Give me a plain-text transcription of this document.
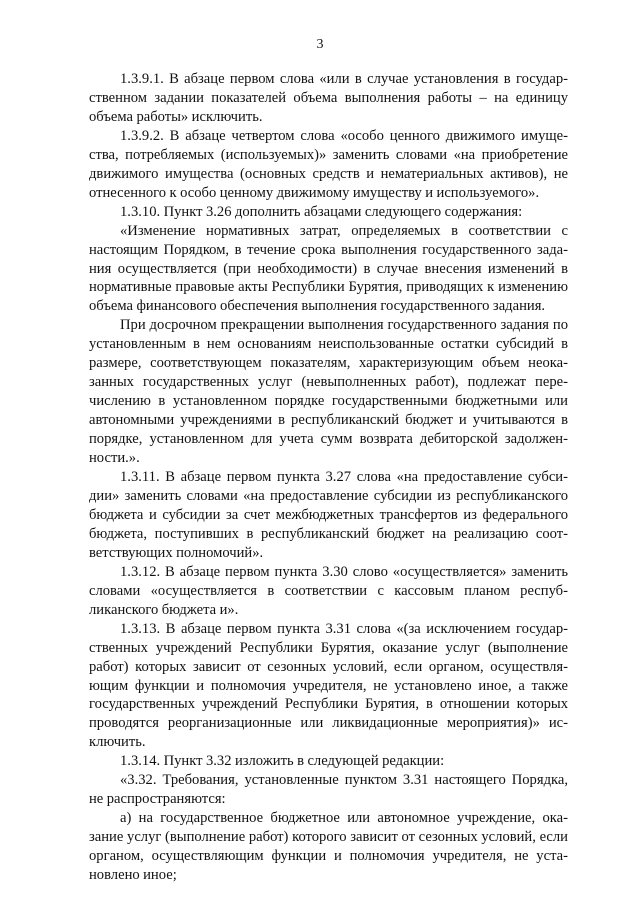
3

1.3.9.1. В абзаце первом слова «или в случае установления в государственном задании показателей объема выполнения работы – на единицу объема работы» исключить.

1.3.9.2. В абзаце четвертом слова «особо ценного движимого имущества, потребляемых (используемых)» заменить словами «на приобретение движимого имущества (основных средств и нематериальных активов), не отнесенного к особо ценному движимому имуществу и используемого».

1.3.10. Пункт 3.26 дополнить абзацами следующего содержания:

«Изменение нормативных затрат, определяемых в соответствии с настоящим Порядком, в течение срока выполнения государственного задания осуществляется (при необходимости) в случае внесения изменений в нормативные правовые акты Республики Бурятия, приводящих к изменению объема финансового обеспечения выполнения государственного задания.

При досрочном прекращении выполнения государственного задания по установленным в нем основаниям неиспользованные остатки субсидий в размере, соответствующем показателям, характеризующим объем неоказанных государственных услуг (невыполненных работ), подлежат перечислению в установленном порядке государственными бюджетными или автономными учреждениями в республиканский бюджет и учитываются в порядке, установленном для учета сумм возврата дебиторской задолженности.».

1.3.11. В абзаце первом пункта 3.27 слова «на предоставление субсидии» заменить словами «на предоставление субсидии из республиканского бюджета и субсидии за счет межбюджетных трансфертов из федерального бюджета, поступивших в республиканский бюджет на реализацию соответствующих полномочий».

1.3.12. В абзаце первом пункта 3.30 слово «осуществляется» заменить словами «осуществляется в соответствии с кассовым планом республиканского бюджета и».

1.3.13. В абзаце первом пункта 3.31 слова «(за исключением государственных учреждений Республики Бурятия, оказание услуг (выполнение работ) которых зависит от сезонных условий, если органом, осуществляющим функции и полномочия учредителя, не установлено иное, а также государственных учреждений Республики Бурятия, в отношении которых проводятся реорганизационные или ликвидационные мероприятия)» исключить.

1.3.14. Пункт 3.32 изложить в следующей редакции:

«3.32. Требования, установленные пунктом 3.31 настоящего Порядка, не распространяются:

а) на государственное бюджетное или автономное учреждение, оказание услуг (выполнение работ) которого зависит от сезонных условий, если органом, осуществляющим функции и полномочия учредителя, не установлено иное;
